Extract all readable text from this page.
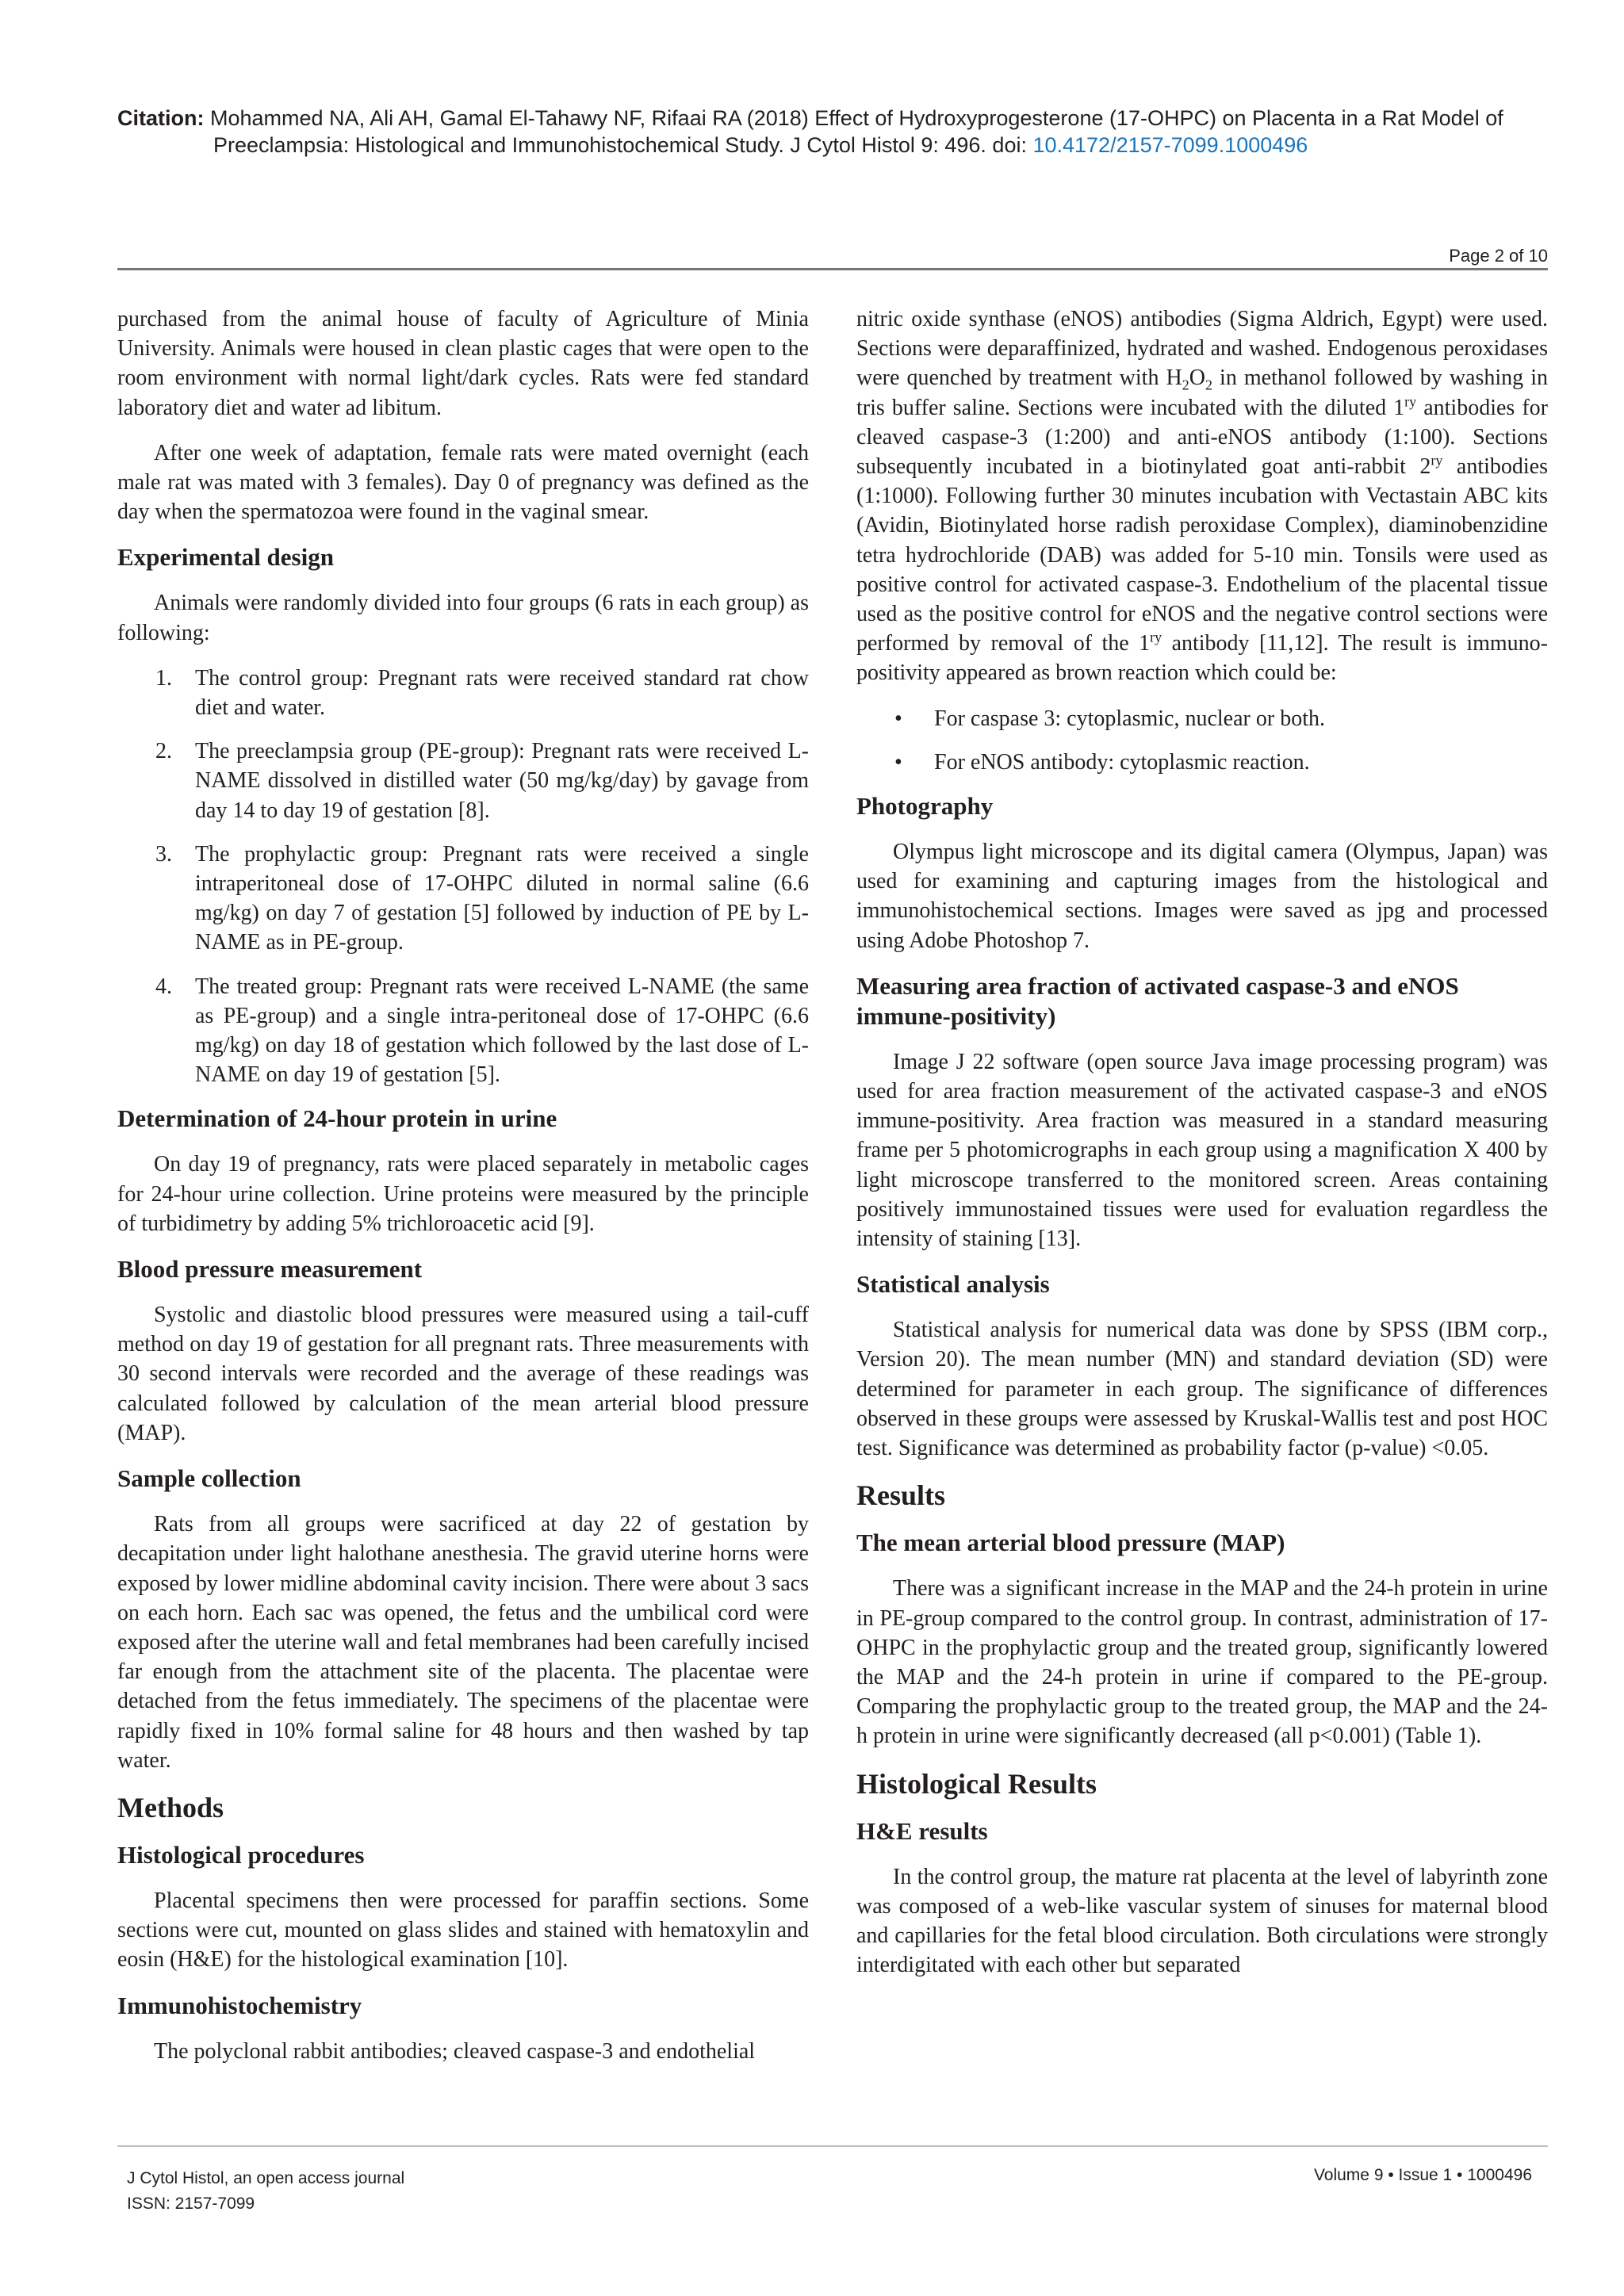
Citation: Mohammed NA, Ali AH, Gamal El-Tahawy NF, Rifaai RA (2018) Effect of Hydroxyprogesterone (17-OHPC) on Placenta in a Rat Model of
Preeclampsia: Histological and Immunohistochemical Study. J Cytol Histol 9: 496. doi: 10.4172/2157-7099.1000496
Page 2 of 10

purchased from the animal house of faculty of Agriculture of Minia University. Animals were housed in clean plastic cages that were open to the room environment with normal light/dark cycles. Rats were fed standard laboratory diet and water ad libitum.

After one week of adaptation, female rats were mated overnight (each male rat was mated with 3 females). Day 0 of pregnancy was defined as the day when the spermatozoa were found in the vaginal smear.

Experimental design

Animals were randomly divided into four groups (6 rats in each group) as following:

1. The control group: Pregnant rats were received standard rat chow diet and water.
2. The preeclampsia group (PE-group): Pregnant rats were received L-NAME dissolved in distilled water (50 mg/kg/day) by gavage from day 14 to day 19 of gestation [8].
3. The prophylactic group: Pregnant rats were received a single intraperitoneal dose of 17-OHPC diluted in normal saline (6.6 mg/kg) on day 7 of gestation [5] followed by induction of PE by L-NAME as in PE-group.
4. The treated group: Pregnant rats were received L-NAME (the same as PE-group) and a single intra-peritoneal dose of 17-OHPC (6.6 mg/kg) on day 18 of gestation which followed by the last dose of L-NAME on day 19 of gestation [5].
Determination of 24-hour protein in urine

On day 19 of pregnancy, rats were placed separately in metabolic cages for 24-hour urine collection. Urine proteins were measured by the principle of turbidimetry by adding 5% trichloroacetic acid [9].

Blood pressure measurement

Systolic and diastolic blood pressures were measured using a tail-cuff method on day 19 of gestation for all pregnant rats. Three measurements with 30 second intervals were recorded and the average of these readings was calculated followed by calculation of the mean arterial blood pressure (MAP).

Sample collection

Rats from all groups were sacrificed at day 22 of gestation by decapitation under light halothane anesthesia. The gravid uterine horns were exposed by lower midline abdominal cavity incision. There were about 3 sacs on each horn. Each sac was opened, the fetus and the umbilical cord were exposed after the uterine wall and fetal membranes had been carefully incised far enough from the attachment site of the placenta. The placentae were detached from the fetus immediately. The specimens of the placentae were rapidly fixed in 10% formal saline for 48 hours and then washed by tap water.

Methods
Histological procedures

Placental specimens then were processed for paraffin sections. Some sections were cut, mounted on glass slides and stained with hematoxylin and eosin (H&E) for the histological examination [10].

Immunohistochemistry

The polyclonal rabbit antibodies; cleaved caspase-3 and endothelial

nitric oxide synthase (eNOS) antibodies (Sigma Aldrich, Egypt) were used. Sections were deparaffinized, hydrated and washed. Endogenous peroxidases were quenched by treatment with $H_2O_2$ in methanol followed by washing in tris buffer saline. Sections were incubated with the diluted $1^{ry}$ antibodies for cleaved caspase-3 (1:200) and anti-eNOS antibody (1:100). Sections subsequently incubated in a biotinylated goat anti-rabbit $2^{ry}$ antibodies (1:1000). Following further 30 minutes incubation with Vectastain ABC kits (Avidin, Biotinylated horse radish peroxidase Complex), diaminobenzidine tetra hydrochloride (DAB) was added for 5-10 min. Tonsils were used as positive control for activated caspase-3. Endothelium of the placental tissue used as the positive control for eNOS and the negative control sections were performed by removal of the $1^{ry}$ antibody [11,12]. The result is immuno-positivity appeared as brown reaction which could be:

• For caspase 3: cytoplasmic, nuclear or both.
• For eNOS antibody: cytoplasmic reaction.
Photography

Olympus light microscope and its digital camera (Olympus, Japan) was used for examining and capturing images from the histological and immunohistochemical sections. Images were saved as jpg and processed using Adobe Photoshop 7.

Measuring area fraction of activated caspase-3 and eNOS immune-positivity)

Image J 22 software (open source Java image processing program) was used for area fraction measurement of the activated caspase-3 and eNOS immune-positivity. Area fraction was measured in a standard measuring frame per 5 photomicrographs in each group using a magnification X 400 by light microscope transferred to the monitored screen. Areas containing positively immunostained tissues were used for evaluation regardless the intensity of staining [13].

Statistical analysis

Statistical analysis for numerical data was done by SPSS (IBM corp., Version 20). The mean number (MN) and standard deviation (SD) were determined for parameter in each group. The significance of differences observed in these groups were assessed by Kruskal-Wallis test and post HOC test. Significance was determined as probability factor (p-value) <0.05.

Results
The mean arterial blood pressure (MAP)

There was a significant increase in the MAP and the 24-h protein in urine in PE-group compared to the control group. In contrast, administration of 17-OHPC in the prophylactic group and the treated group, significantly lowered the MAP and the 24-h protein in urine if compared to the PE-group. Comparing the prophylactic group to the treated group, the MAP and the 24-h protein in urine were significantly decreased (all p<0.001) (Table 1).

Histological Results
H&E results

In the control group, the mature rat placenta at the level of labyrinth zone was composed of a web-like vascular system of sinuses for maternal blood and capillaries for the fetal blood circulation. Both circulations were strongly interdigitated with each other but separated

J Cytol Histol, an open access journal
ISSN: 2157-7099
Volume 9 • Issue 1 • 1000496
